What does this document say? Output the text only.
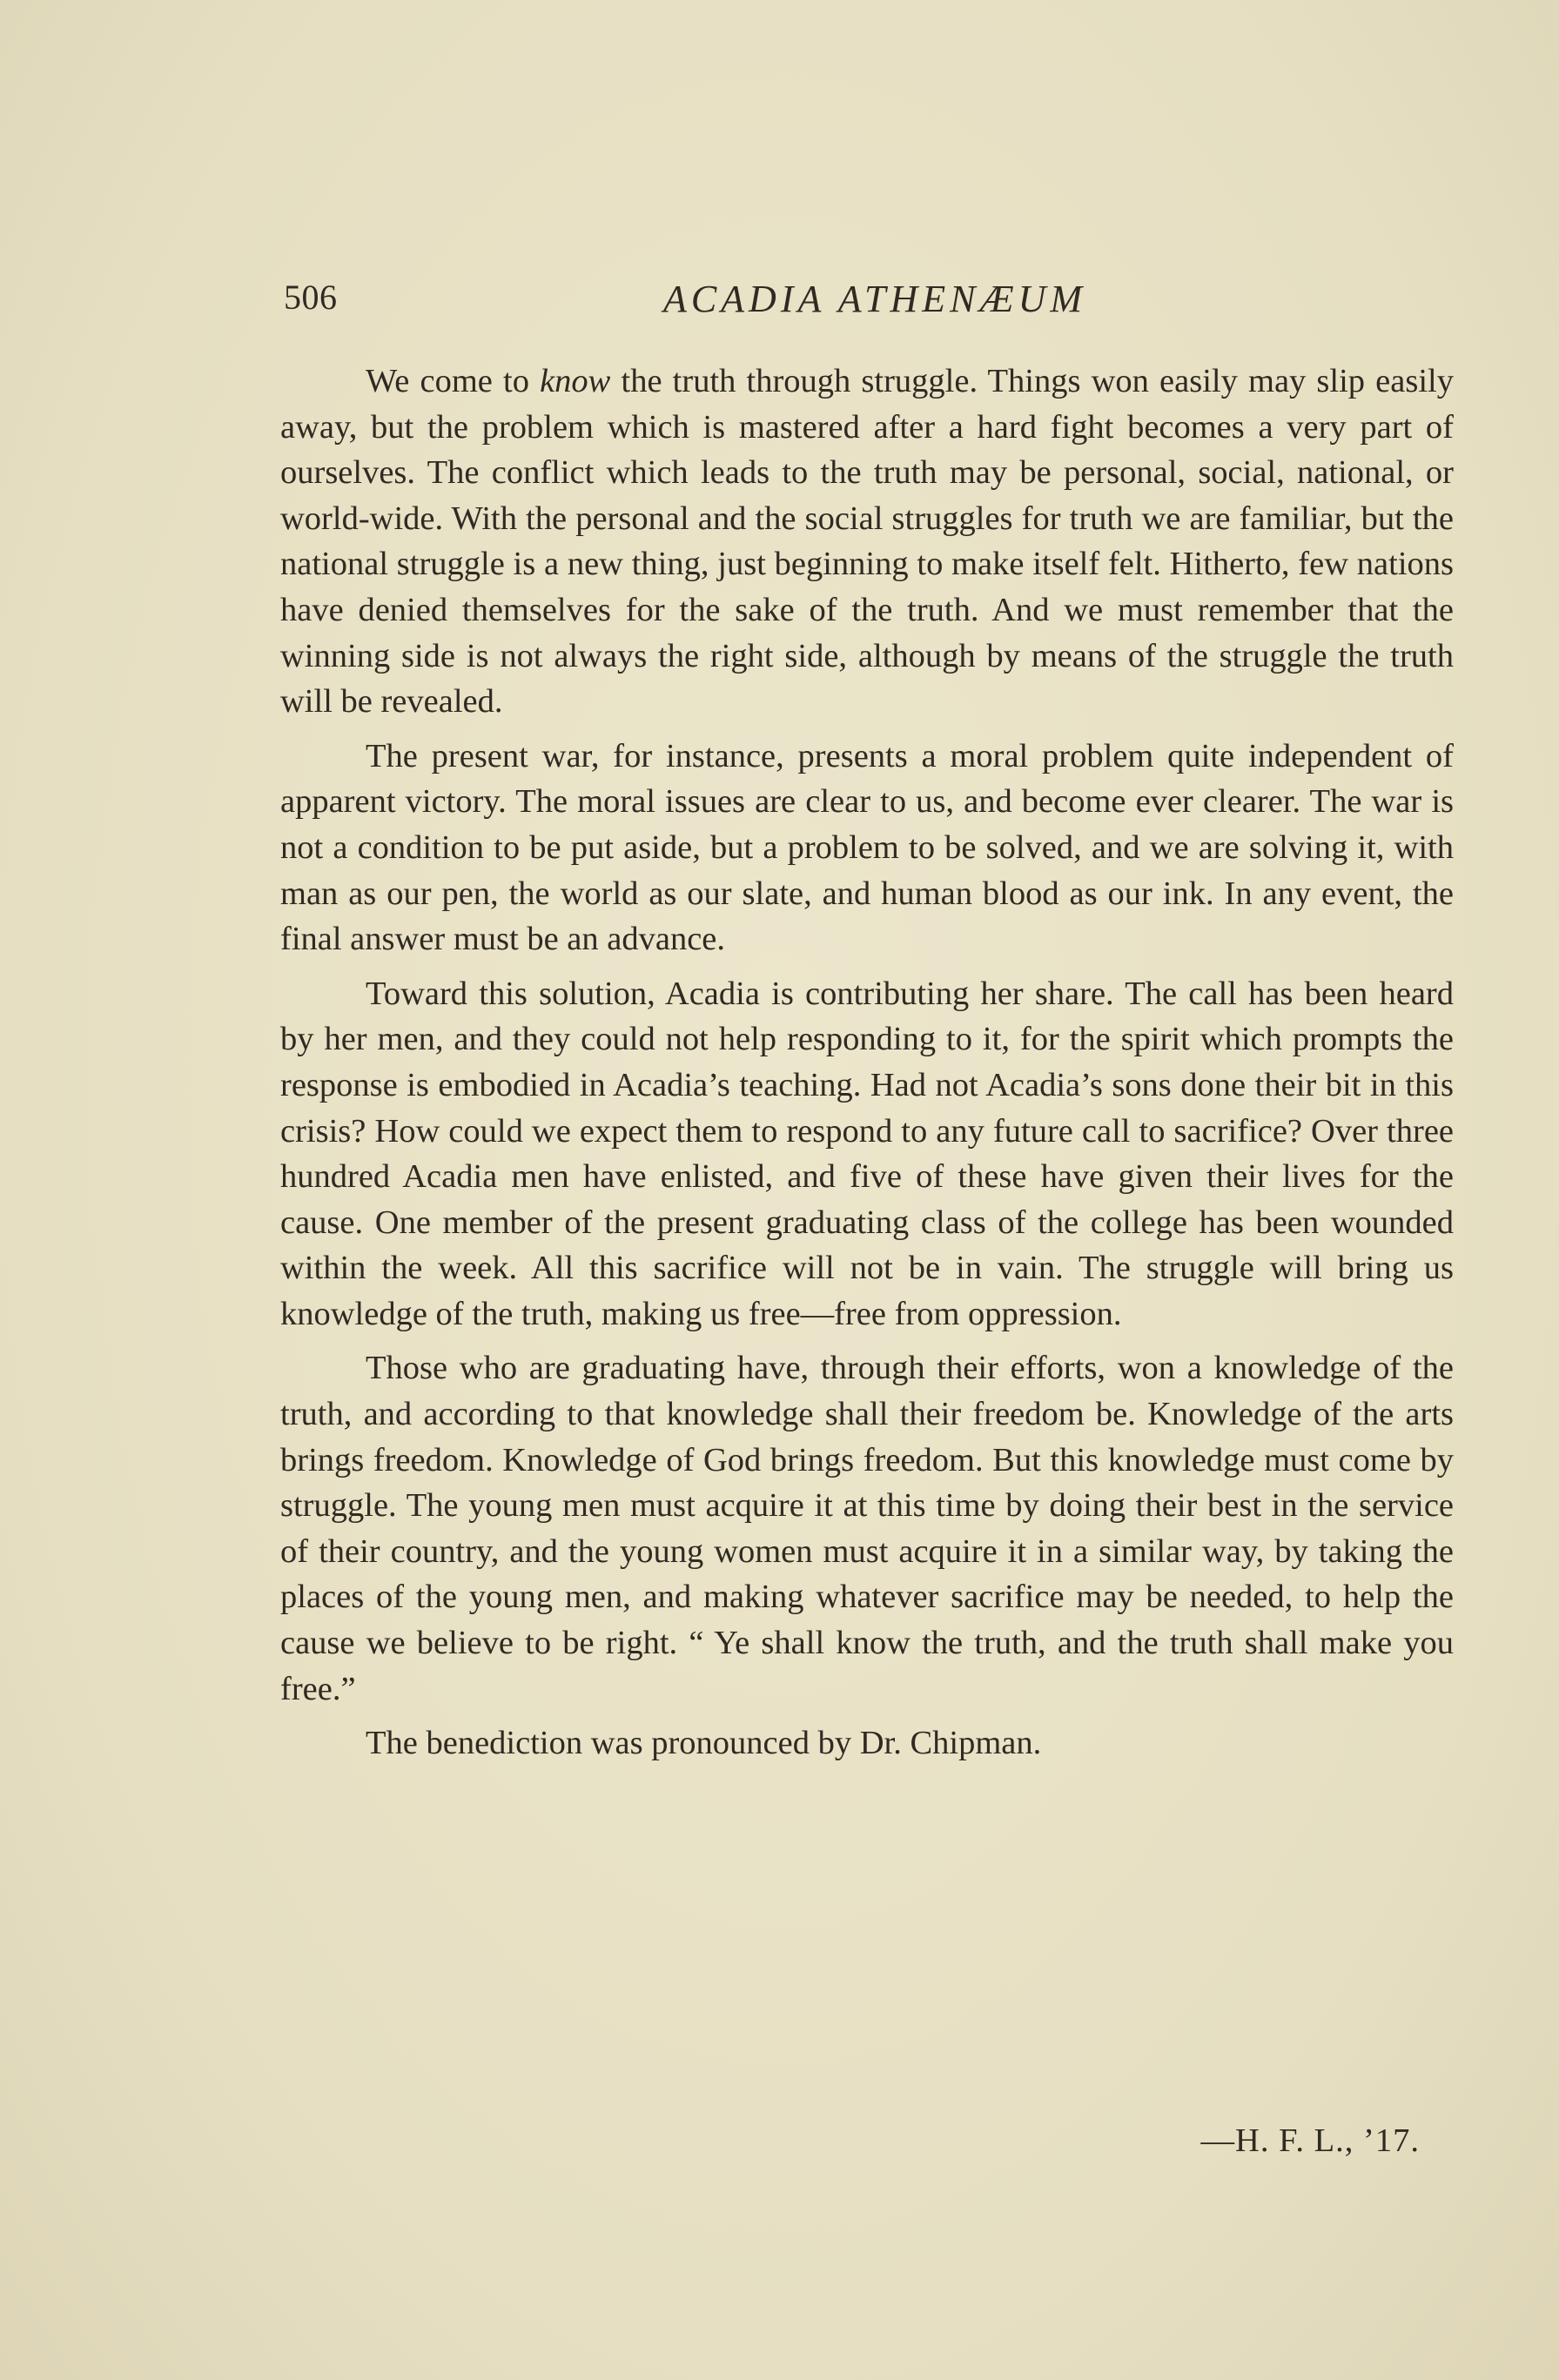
506	ACADIA ATHENÆUM

We come to know the truth through struggle. Things won easily may slip easily away, but the problem which is mastered after a hard fight becomes a very part of ourselves. The conflict which leads to the truth may be personal, social, national, or world-wide. With the personal and the social struggles for truth we are familiar, but the national struggle is a new thing, just beginning to make itself felt. Hitherto, few nations have denied themselves for the sake of the truth. And we must remember that the winning side is not always the right side, although by means of the struggle the truth will be revealed.

The present war, for instance, presents a moral problem quite independent of apparent victory. The moral issues are clear to us, and become ever clearer. The war is not a condition to be put aside, but a problem to be solved, and we are solving it, with man as our pen, the world as our slate, and human blood as our ink. In any event, the final answer must be an advance.

Toward this solution, Acadia is contributing her share. The call has been heard by her men, and they could not help responding to it, for the spirit which prompts the response is embodied in Acadia’s teaching. Had not Acadia’s sons done their bit in this crisis? How could we expect them to respond to any future call to sacrifice? Over three hundred Acadia men have enlisted, and five of these have given their lives for the cause. One member of the present graduating class of the college has been wounded within the week. All this sacrifice will not be in vain. The struggle will bring us knowledge of the truth, making us free—free from oppression.

Those who are graduating have, through their efforts, won a knowledge of the truth, and according to that knowledge shall their freedom be. Knowledge of the arts brings freedom. Knowledge of God brings freedom. But this knowledge must come by struggle. The young men must acquire it at this time by doing their best in the service of their country, and the young women must acquire it in a similar way, by taking the places of the young men, and making whatever sacrifice may be needed, to help the cause we believe to be right. “ Ye shall know the truth, and the truth shall make you free.”

The benediction was pronounced by Dr. Chipman.

—H. F. L., ’17.
